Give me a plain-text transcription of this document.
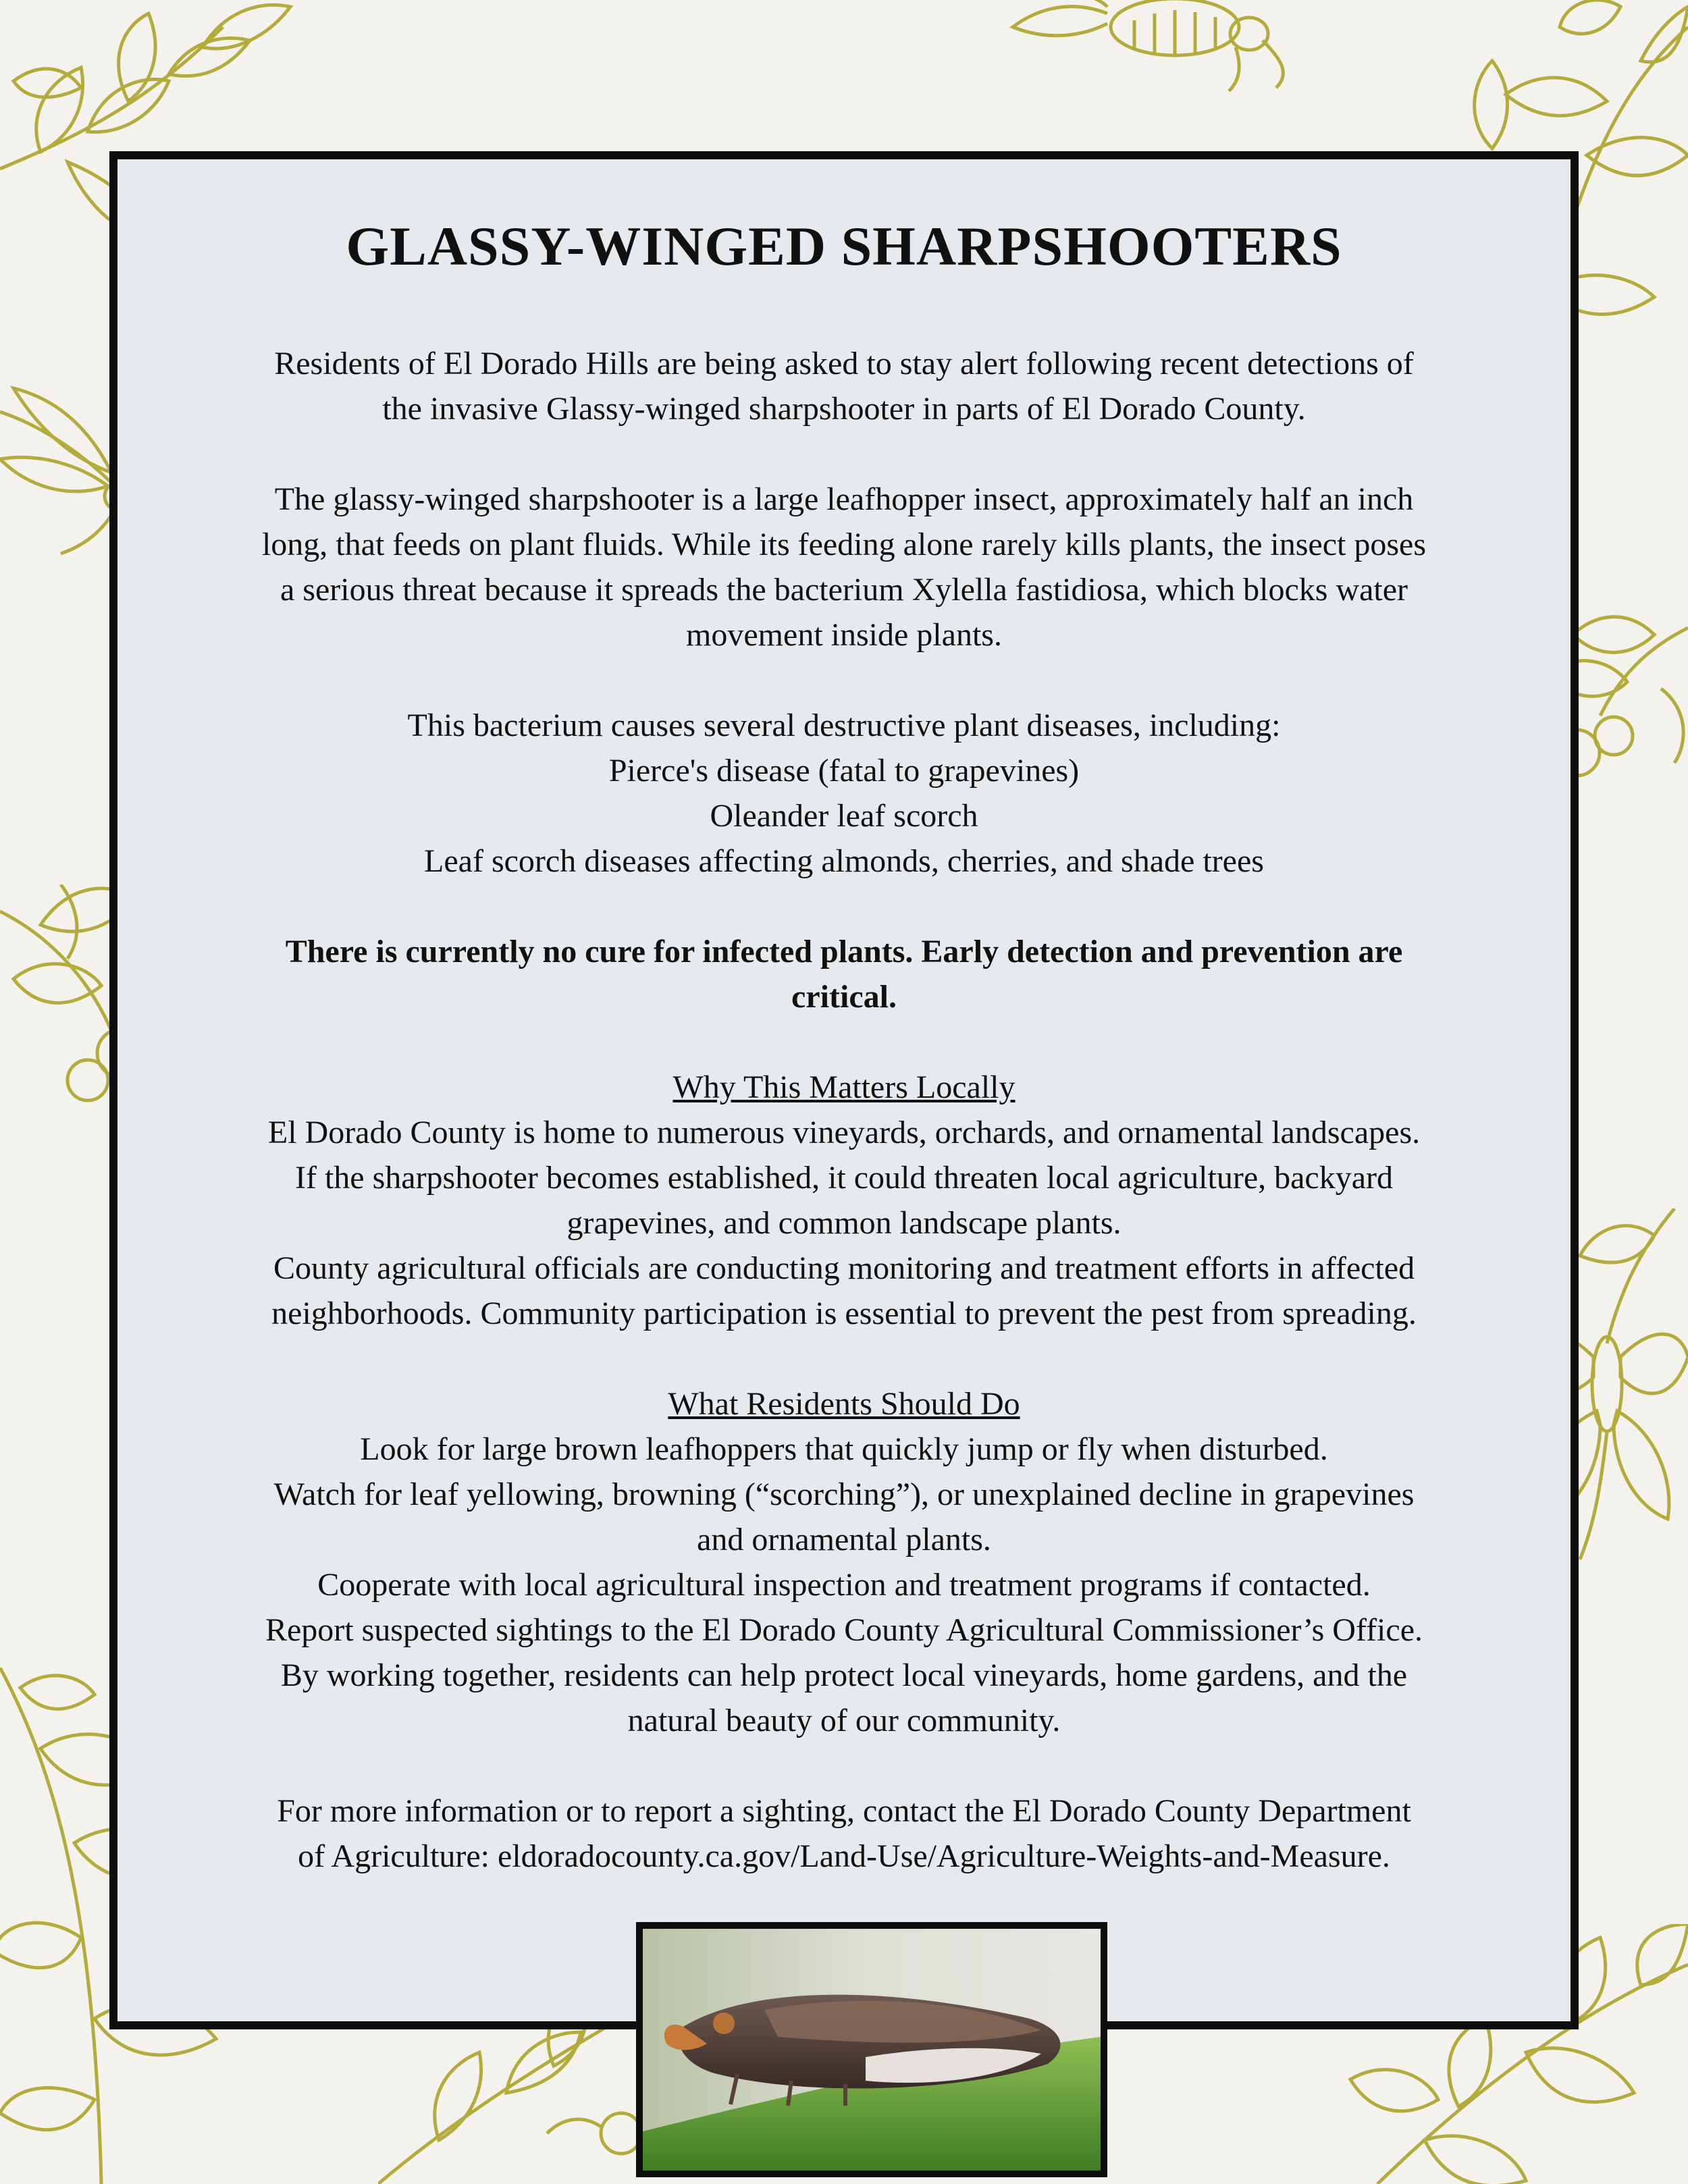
GLASSY-WINGED SHARPSHOOTERS

Residents of El Dorado Hills are being asked to stay alert following recent detections of

the invasive Glassy-winged sharpshooter in parts of El Dorado County.

The glassy-winged sharpshooter is a large leafhopper insect, approximately half an inch

long, that feeds on plant fluids. While its feeding alone rarely kills plants, the insect poses

a serious threat because it spreads the bacterium Xylella fastidiosa, which blocks water

movement inside plants.

This bacterium causes several destructive plant diseases, including:

Pierce's disease (fatal to grapevines)

Oleander leaf scorch

Leaf scorch diseases affecting almonds, cherries, and shade trees

There is currently no cure for infected plants. Early detection and prevention are

critical.

Why This Matters Locally

El Dorado County is home to numerous vineyards, orchards, and ornamental landscapes.

If the sharpshooter becomes established, it could threaten local agriculture, backyard

grapevines, and common landscape plants.

County agricultural officials are conducting monitoring and treatment efforts in affected

neighborhoods. Community participation is essential to prevent the pest from spreading.

What Residents Should Do

Look for large brown leafhoppers that quickly jump or fly when disturbed.

Watch for leaf yellowing, browning (“scorching”), or unexplained decline in grapevines

and ornamental plants.

Cooperate with local agricultural inspection and treatment programs if contacted.

Report suspected sightings to the El Dorado County Agricultural Commissioner’s Office.

By working together, residents can help protect local vineyards, home gardens, and the

natural beauty of our community.

For more information or to report a sighting, contact the El Dorado County Department

of Agriculture: eldoradocounty.ca.gov/Land-Use/Agriculture-Weights-and-Measure.
